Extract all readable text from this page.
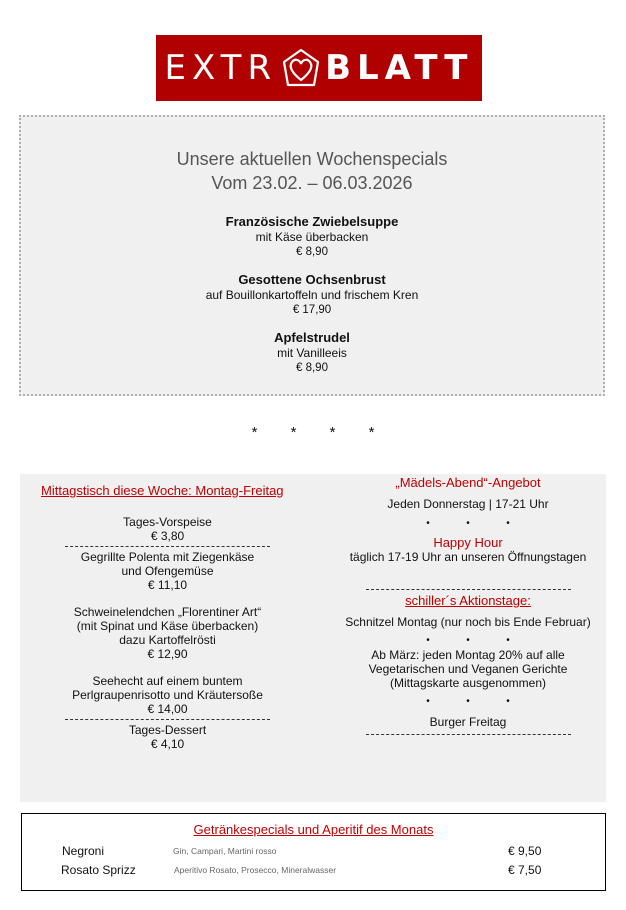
EXTR BLATT
Unsere aktuellen Wochenspecials
Vom 23.02. – 06.03.2026
Französische Zwiebelsuppe
mit Käse überbacken
€ 8,90
Gesottene Ochsenbrust
auf Bouillonkartoffeln und frischem Kren
€ 17,90
Apfelstrudel
mit Vanilleeis
€ 8,90
* * * *
Mittagstisch diese Woche: Montag-Freitag
Tages-Vorspeise
€ 3,80
Gegrillte Polenta mit Ziegenkäse
und Ofengemüse
€ 11,10
Schweinelendchen „Florentiner Art“
(mit Spinat und Käse überbacken)
dazu Kartoffelrösti
€ 12,90
Seehecht auf einem buntem
Perlgraupenrisotto und Kräutersoße
€ 14,00
Tages-Dessert
€ 4,10
„Mädels-Abend“-Angebot
Jeden Donnerstag | 17-21 Uhr
•	•	•
Happy Hour
täglich 17-19 Uhr an unseren Öffnungstagen
schiller´s Aktionstage:
Schnitzel Montag (nur noch bis Ende Februar)
•	•	•
Ab März: jeden Montag 20% auf alle
Vegetarischen und Veganen Gerichte
(Mittagskarte ausgenommen)
•	•	•
Burger Freitag
Getränkespecials und Aperitif des Monats
Negroni	Gin, Campari, Martini rosso	€ 9,50
Rosato Sprizz	Aperitivo Rosato, Prosecco, Mineralwasser	€ 7,50
